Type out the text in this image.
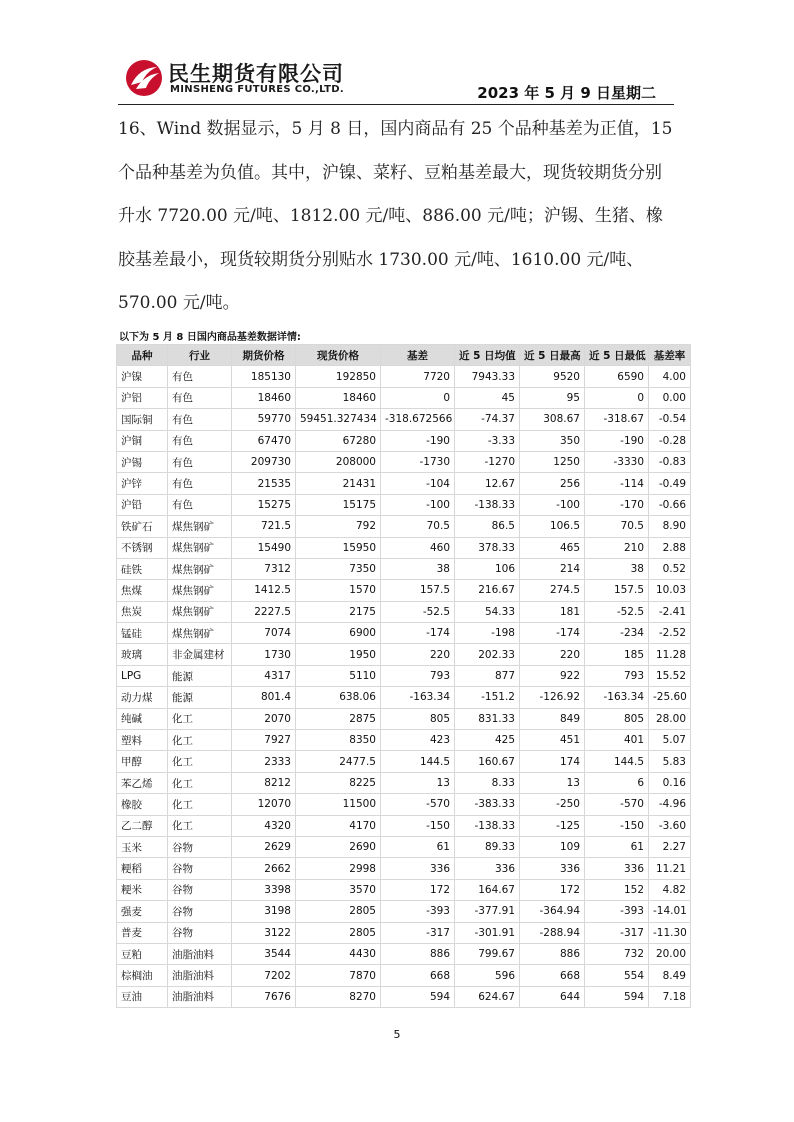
民生期货有限公司
MINSHENG FUTURES CO.,LTD.	2023 年 5 月 9 日星期二
16、Wind 数据显示，5 月 8 日，国内商品有 25 个品种基差为正值，15 个品种基差为负值。其中，沪镍、菜籽、豆粕基差最大，现货较期货分别升水 7720.00 元/吨、1812.00 元/吨、886.00 元/吨；沪锡、生猪、橡胶基差最小，现货较期货分别贴水 1730.00 元/吨、1610.00 元/吨、570.00 元/吨。
以下为 5 月 8 日国内商品基差数据详情:
品种	行业	期货价格	现货价格	基差	近 5 日均值	近 5 日最高	近 5 日最低	基差率
沪镍	有色	185130	192850	7720	7943.33	9520	6590	4.00
沪铝	有色	18460	18460	0	45	95	0	0.00
国际铜	有色	59770	59451.327434	-318.672566	-74.37	308.67	-318.67	-0.54
沪铜	有色	67470	67280	-190	-3.33	350	-190	-0.28
沪锡	有色	209730	208000	-1730	-1270	1250	-3330	-0.83
沪锌	有色	21535	21431	-104	12.67	256	-114	-0.49
沪铅	有色	15275	15175	-100	-138.33	-100	-170	-0.66
铁矿石	煤焦钢矿	721.5	792	70.5	86.5	106.5	70.5	8.90
不锈钢	煤焦钢矿	15490	15950	460	378.33	465	210	2.88
硅铁	煤焦钢矿	7312	7350	38	106	214	38	0.52
焦煤	煤焦钢矿	1412.5	1570	157.5	216.67	274.5	157.5	10.03
焦炭	煤焦钢矿	2227.5	2175	-52.5	54.33	181	-52.5	-2.41
锰硅	煤焦钢矿	7074	6900	-174	-198	-174	-234	-2.52
玻璃	非金属建材	1730	1950	220	202.33	220	185	11.28
LPG	能源	4317	5110	793	877	922	793	15.52
动力煤	能源	801.4	638.06	-163.34	-151.2	-126.92	-163.34	-25.60
纯碱	化工	2070	2875	805	831.33	849	805	28.00
塑料	化工	7927	8350	423	425	451	401	5.07
甲醇	化工	2333	2477.5	144.5	160.67	174	144.5	5.83
苯乙烯	化工	8212	8225	13	8.33	13	6	0.16
橡胶	化工	12070	11500	-570	-383.33	-250	-570	-4.96
乙二醇	化工	4320	4170	-150	-138.33	-125	-150	-3.60
玉米	谷物	2629	2690	61	89.33	109	61	2.27
粳稻	谷物	2662	2998	336	336	336	336	11.21
粳米	谷物	3398	3570	172	164.67	172	152	4.82
强麦	谷物	3198	2805	-393	-377.91	-364.94	-393	-14.01
普麦	谷物	3122	2805	-317	-301.91	-288.94	-317	-11.30
豆粕	油脂油料	3544	4430	886	799.67	886	732	20.00
棕榈油	油脂油料	7202	7870	668	596	668	554	8.49
豆油	油脂油料	7676	8270	594	624.67	644	594	7.18
5
